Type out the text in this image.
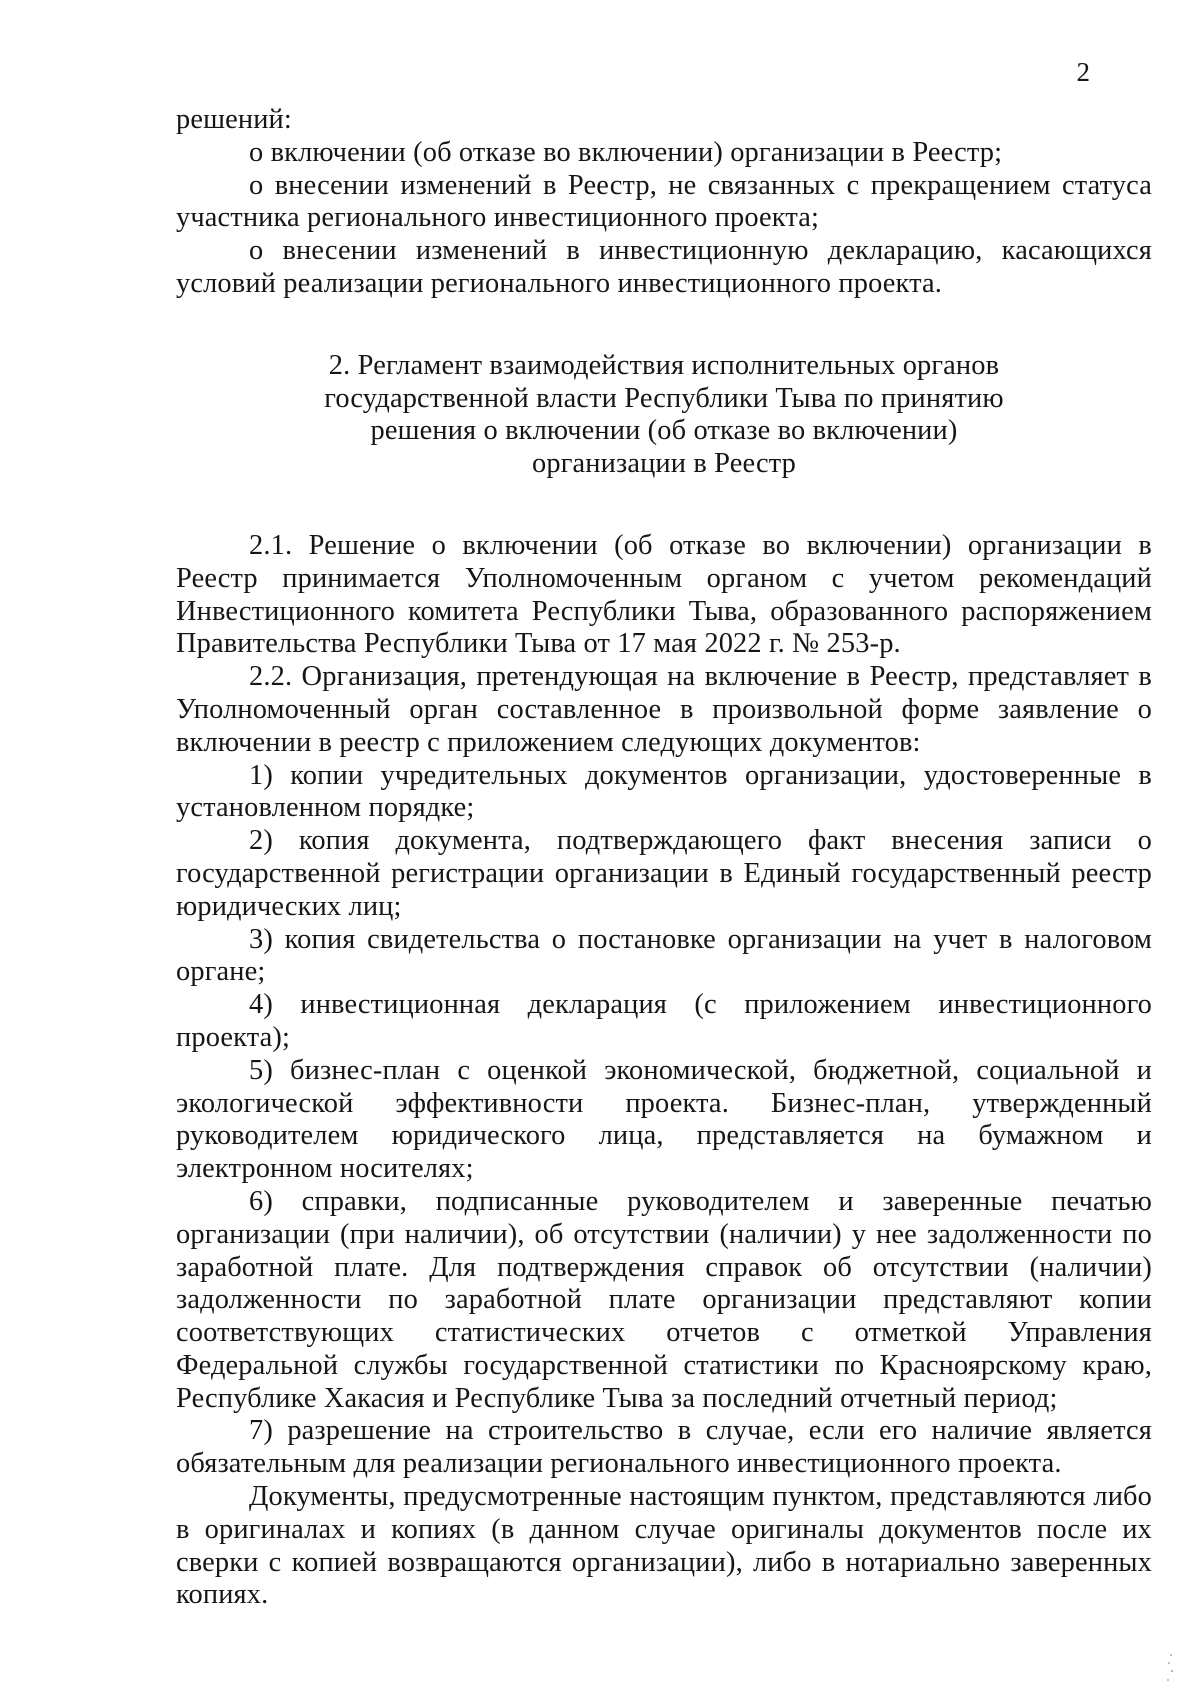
2

решений:

о включении (об отказе во включении) организации в Реестр;

о внесении изменений в Реестр, не связанных с прекращением статуса участника регионального инвестиционного проекта;

о внесении изменений в инвестиционную декларацию, касающихся условий реализации регионального инвестиционного проекта.

2. Регламент взаимодействия исполнительных органов
государственной власти Республики Тыва по принятию
решения о включении (об отказе во включении)
организации в Реестр

2.1. Решение о включении (об отказе во включении) организации в Реестр принимается Уполномоченным органом с учетом рекомендаций Инвестиционного комитета Республики Тыва, образованного распоряжением Правительства Республики Тыва от 17 мая 2022 г. № 253-р.

2.2. Организация, претендующая на включение в Реестр, представляет в Уполномоченный орган составленное в произвольной форме заявление о включении в реестр с приложением следующих документов:

1) копии учредительных документов организации, удостоверенные в установленном порядке;

2) копия документа, подтверждающего факт внесения записи о государственной регистрации организации в Единый государственный реестр юридических лиц;

3) копия свидетельства о постановке организации на учет в налоговом органе;

4) инвестиционная декларация (с приложением инвестиционного проекта);

5) бизнес-план с оценкой экономической, бюджетной, социальной и экологической эффективности проекта. Бизнес-план, утвержденный руководителем юридического лица, представляется на бумажном и электронном носителях;

6) справки, подписанные руководителем и заверенные печатью организации (при наличии), об отсутствии (наличии) у нее задолженности по заработной плате. Для подтверждения справок об отсутствии (наличии) задолженности по заработной плате организации представляют копии соответствующих статистических отчетов с отметкой Управления Федеральной службы государственной статистики по Красноярскому краю, Республике Хакасия и Республике Тыва за последний отчетный период;

7) разрешение на строительство в случае, если его наличие является обязательным для реализации регионального инвестиционного проекта.

Документы, предусмотренные настоящим пунктом, представляются либо в оригиналах и копиях (в данном случае оригиналы документов после их сверки с копией возвращаются организации), либо в нотариально заверенных копиях.
